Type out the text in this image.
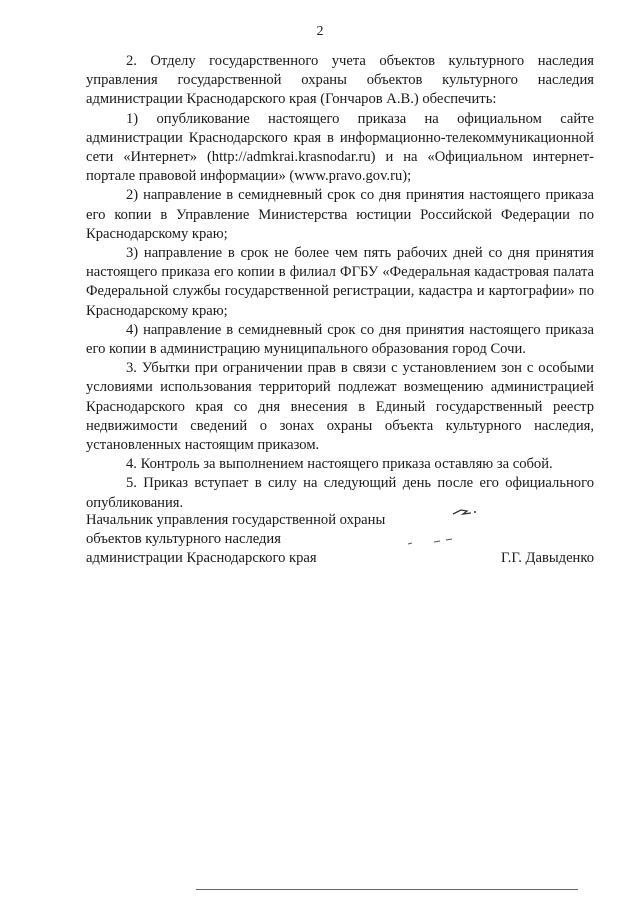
2

2. Отделу государственного учета объектов культурного наследия управления государственной охраны объектов культурного наследия администрации Краснодарского края (Гончаров А.В.) обеспечить:

1) опубликование настоящего приказа на официальном сайте администрации Краснодарского края в информационно-телекоммуникационной сети «Интернет» (http://admkrai.krasnodar.ru) и на «Официальном интернет-портале правовой информации» (www.pravo.gov.ru);

2) направление в семидневный срок со дня принятия настоящего приказа его копии в Управление Министерства юстиции Российской Федерации по Краснодарскому краю;

3) направление в срок не более чем пять рабочих дней со дня принятия настоящего приказа его копии в филиал ФГБУ «Федеральная кадастровая палата Федеральной службы государственной регистрации, кадастра и картографии» по Краснодарскому краю;

4) направление в семидневный срок со дня принятия настоящего приказа его копии в администрацию муниципального образования город Сочи.

3. Убытки при ограничении прав в связи с установлением зон с особыми условиями использования территорий подлежат возмещению администрацией Краснодарского края со дня внесения в Единый государственный реестр недвижимости сведений о зонах охраны объекта культурного наследия, установленных настоящим приказом.

4. Контроль за выполнением настоящего приказа оставляю за собой.

5. Приказ вступает в силу на следующий день после его официального опубликования.

Начальник управления государственной охраны
объектов культурного наследия
администрации Краснодарского края	Г.Г. Давыденко
